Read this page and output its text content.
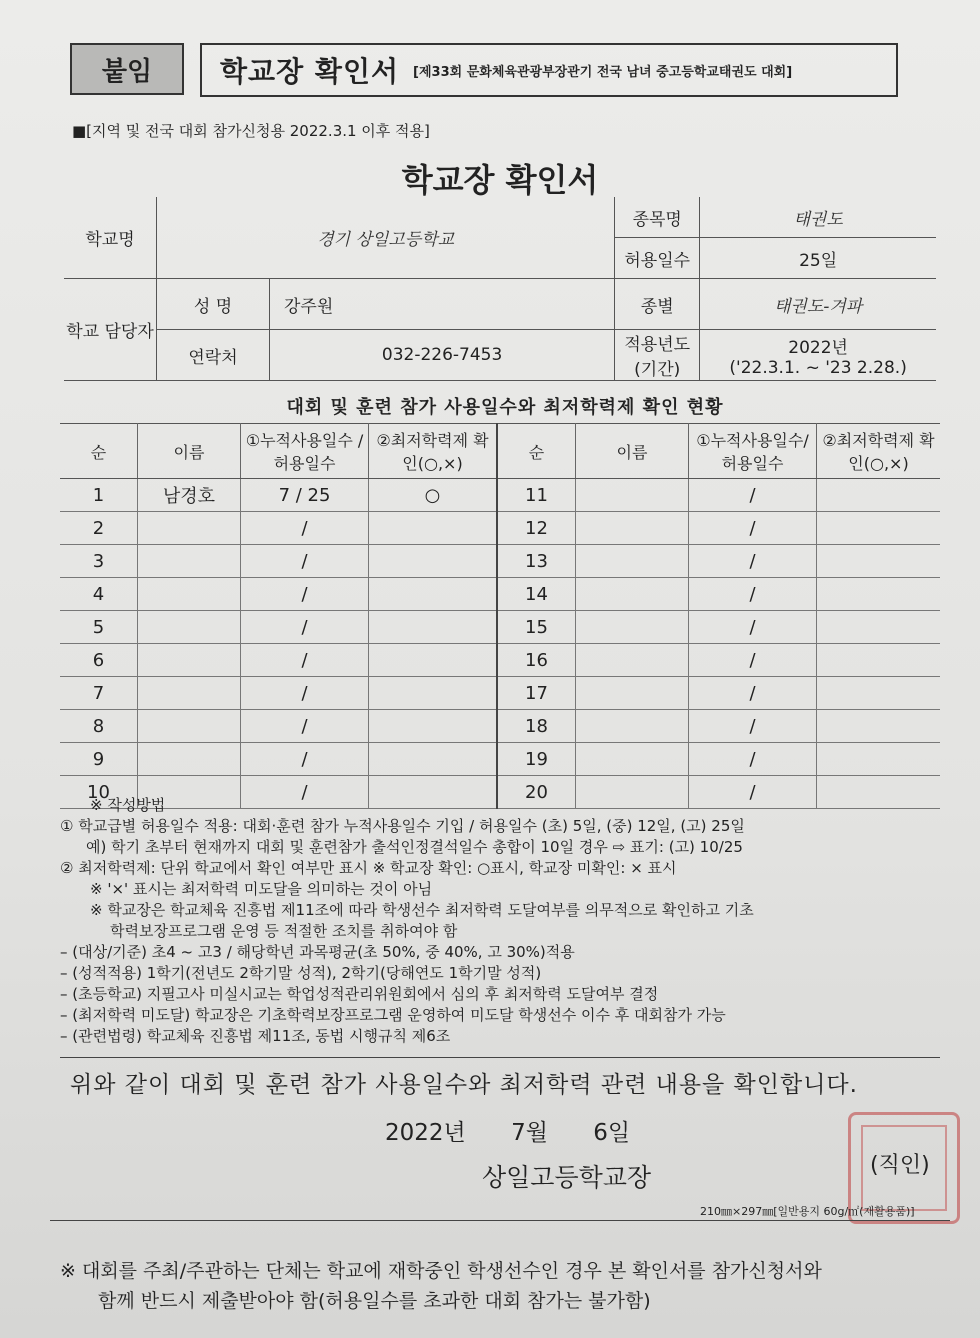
붙임	학교장 확인서 [제33회 문화체육관광부장관기 전국 남녀 중고등학교태권도 대회]
■[지역 및 전국 대회 참가신청용 2022.3.1 이후 적용]
학교장 확인서
학교명	경기 상일고등학교		종목명	태권도
			허용일수	25일
학교 담당자	성 명	강주원	종별	태권도-겨파
	연락처	032-226-7453	적용년도 (기간)	2022년
('22.3.1. ~ '23 2.28.)
대회 및 훈련 참가 사용일수와 최저학력제 확인 현황
순	이름	①누적사용일수 /허용일수	②최저학력제 확인(○,×)	순	이름	①누적사용일수/ 허용일수	②최저학력제 확인(○,×)
1	남경호	7 / 25	○	11		/	
2		/		12		/	
3		/		13		/	
4		/		14		/	
5		/		15		/	
6		/		16		/	
7		/		17		/	
8		/		18		/	
9		/		19		/	
10		/		20		/	

※ 작성방법

① 학교급별 허용일수 적용: 대회·훈련 참가 누적사용일수 기입 / 허용일수 (초) 5일, (중) 12일, (고) 25일

예) 학기 초부터 현재까지 대회 및 훈련참가 출석인정결석일수 총합이 10일 경우 ⇨ 표기: (고) 10/25

② 최저학력제: 단위 학교에서 확인 여부만 표시 ※ 학교장 확인: ○표시, 학교장 미확인: × 표시

※ '×' 표시는 최저학력 미도달을 의미하는 것이 아님

※ 학교장은 학교체육 진흥법 제11조에 따라 학생선수 최저학력 도달여부를 의무적으로 확인하고 기초

학력보장프로그램 운영 등 적절한 조치를 취하여야 함

– (대상/기준) 초4 ~ 고3 / 해당학년 과목평균(초 50%, 중 40%, 고 30%)적용

– (성적적용) 1학기(전년도 2학기말 성적), 2학기(당해연도 1학기말 성적)

– (초등학교) 지필고사 미실시교는 학업성적관리위원회에서 심의 후 최저학력 도달여부 결정

– (최저학력 미도달) 학교장은 기초학력보장프로그램 운영하여 미도달 학생선수 이수 후 대회참가 가능

– (관련법령) 학교체육 진흥법 제11조, 동법 시행규칙 제6조

위와 같이 대회 및 훈련 참가 사용일수와 최저학력 관련 내용을 확인합니다.
2022년 7월 6일
상일고등학교장	(직인)
210㎜×297㎜[일반용지 60g/㎡(재활용품)]

※ 대회를 주최/주관하는 단체는 학교에 재학중인 학생선수인 경우 본 확인서를 참가신청서와

함께 반드시 제출받아야 함(허용일수를 초과한 대회 참가는 불가함)
